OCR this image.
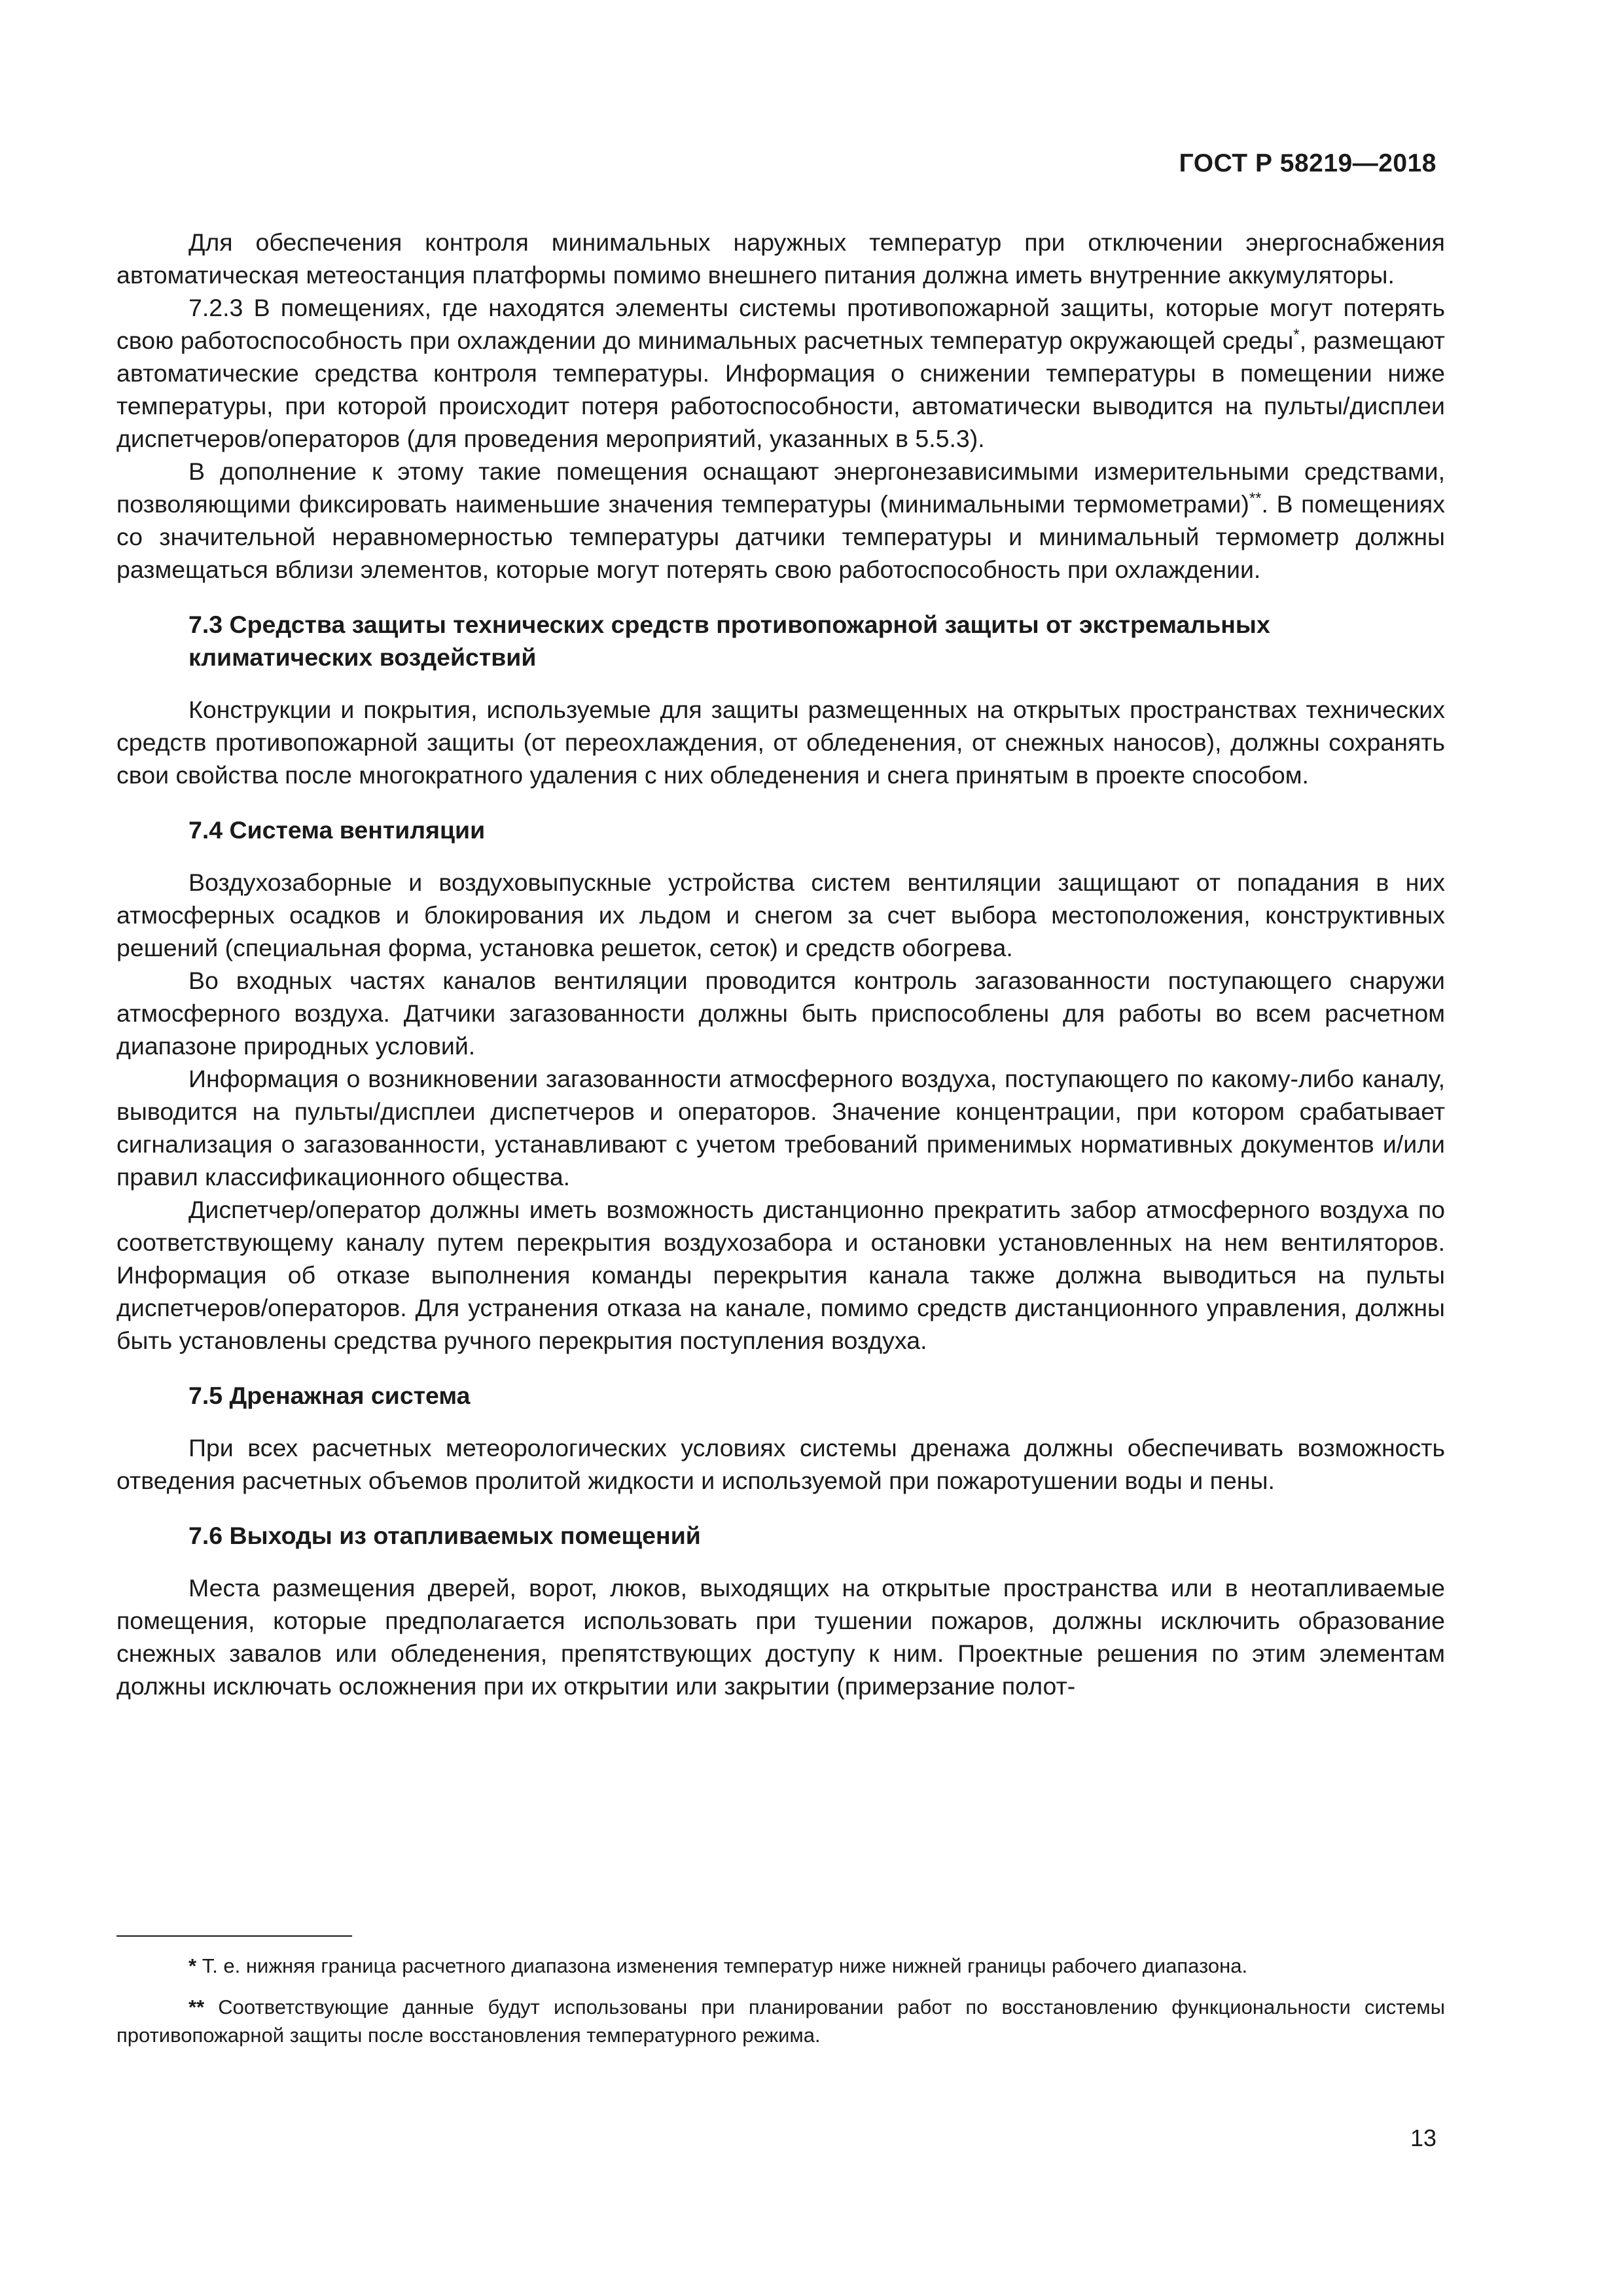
ГОСТ Р 58219—2018

Для обеспечения контроля минимальных наружных температур при отключении энергоснабжения автоматическая метеостанция платформы помимо внешнего питания должна иметь внутренние аккумуляторы.

7.2.3 В помещениях, где находятся элементы системы противопожарной защиты, которые могут потерять свою работоспособность при охлаждении до минимальных расчетных температур окружающей среды*, размещают автоматические средства контроля температуры. Информация о снижении температуры в помещении ниже температуры, при которой происходит потеря работоспособности, автоматически выводится на пульты/дисплеи диспетчеров/операторов (для проведения мероприятий, указанных в 5.5.3).

В дополнение к этому такие помещения оснащают энергонезависимыми измерительными средствами, позволяющими фиксировать наименьшие значения температуры (минимальными термометрами)**. В помещениях со значительной неравномерностью температуры датчики температуры и минимальный термометр должны размещаться вблизи элементов, которые могут потерять свою работоспособность при охлаждении.

7.3 Средства защиты технических средств противопожарной защиты от экстремальных климатических воздействий

Конструкции и покрытия, используемые для защиты размещенных на открытых пространствах технических средств противопожарной защиты (от переохлаждения, от обледенения, от снежных наносов), должны сохранять свои свойства после многократного удаления с них обледенения и снега принятым в проекте способом.

7.4 Система вентиляции

Воздухозаборные и воздуховыпускные устройства систем вентиляции защищают от попадания в них атмосферных осадков и блокирования их льдом и снегом за счет выбора местоположения, конструктивных решений (специальная форма, установка решеток, сеток) и средств обогрева.

Во входных частях каналов вентиляции проводится контроль загазованности поступающего снаружи атмосферного воздуха. Датчики загазованности должны быть приспособлены для работы во всем расчетном диапазоне природных условий.

Информация о возникновении загазованности атмосферного воздуха, поступающего по какому-либо каналу, выводится на пульты/дисплеи диспетчеров и операторов. Значение концентрации, при котором срабатывает сигнализация о загазованности, устанавливают с учетом требований применимых нормативных документов и/или правил классификационного общества.

Диспетчер/оператор должны иметь возможность дистанционно прекратить забор атмосферного воздуха по соответствующему каналу путем перекрытия воздухозабора и остановки установленных на нем вентиляторов. Информация об отказе выполнения команды перекрытия канала также должна выводиться на пульты диспетчеров/операторов. Для устранения отказа на канале, помимо средств дистанционного управления, должны быть установлены средства ручного перекрытия поступления воздуха.

7.5 Дренажная система

При всех расчетных метеорологических условиях системы дренажа должны обеспечивать возможность отведения расчетных объемов пролитой жидкости и используемой при пожаротушении воды и пены.

7.6 Выходы из отапливаемых помещений

Места размещения дверей, ворот, люков, выходящих на открытые пространства или в неотапливаемые помещения, которые предполагается использовать при тушении пожаров, должны исключить образование снежных завалов или обледенения, препятствующих доступу к ним. Проектные решения по этим элементам должны исключать осложнения при их открытии или закрытии (примерзание полот-

* Т. е. нижняя граница расчетного диапазона изменения температур ниже нижней границы рабочего диапазона.

** Соответствующие данные будут использованы при планировании работ по восстановлению функциональности системы противопожарной защиты после восстановления температурного режима.

13
